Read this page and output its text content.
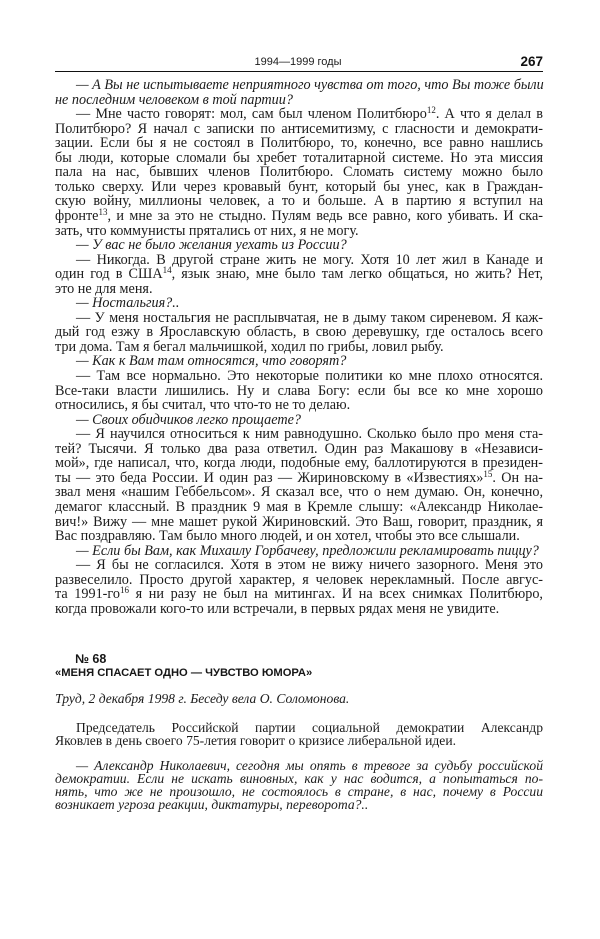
1994—1999 годы	267
— А Вы не испытываете неприятного чувства от того, что Вы тоже были
не последним человеком в той партии?
— Мне часто говорят: мол, сам был членом Политбюро$^{12}$. А что я делал в
Политбюро? Я начал с записки по антисемитизму, с гласности и демократи-
зации. Если бы я не состоял в Политбюро, то, конечно, все равно нашлись
бы люди, которые сломали бы хребет тоталитарной системе. Но эта миссия
пала на нас, бывших членов Политбюро. Сломать систему можно было
только сверху. Или через кровавый бунт, который бы унес, как в Граждан-
скую войну, миллионы человек, а то и больше. А в партию я вступил на
фронте$^{13}$, и мне за это не стыдно. Пулям ведь все равно, кого убивать. И ска-
зать, что коммунисты прятались от них, я не могу.
— У вас не было желания уехать из России?
— Никогда. В другой стране жить не могу. Хотя 10 лет жил в Канаде и
один год в США$^{14}$, язык знаю, мне было там легко общаться, но жить? Нет,
это не для меня.
— Ностальгия?..
— У меня ностальгия не расплывчатая, не в дыму таком сиреневом. Я каж-
дый год езжу в Ярославскую область, в свою деревушку, где осталось всего
три дома. Там я бегал мальчишкой, ходил по грибы, ловил рыбу.
— Как к Вам там относятся, что говорят?
— Там все нормально. Это некоторые политики ко мне плохо относятся.
Все-таки власти лишились. Ну и слава Богу: если бы все ко мне хорошо
относились, я бы считал, что что-то не то делаю.
— Своих обидчиков легко прощаете?
— Я научился относиться к ним равнодушно. Сколько было про меня ста-
тей? Тысячи. Я только два раза ответил. Один раз Макашову в «Независи-
мой», где написал, что, когда люди, подобные ему, баллотируются в президен-
ты — это беда России. И один раз — Жириновскому в «Известиях»$^{15}$. Он на-
звал меня «нашим Геббельсом». Я сказал все, что о нем думаю. Он, конечно,
демагог классный. В праздник 9 мая в Кремле слышу: «Александр Николае-
вич!» Вижу — мне машет рукой Жириновский. Это Ваш, говорит, праздник, я
Вас поздравляю. Там было много людей, и он хотел, чтобы это все слышали.
— Если бы Вам, как Михаилу Горбачеву, предложили рекламировать пиццу?
— Я бы не согласился. Хотя в этом не вижу ничего зазорного. Меня это
развеселило. Просто другой характер, я человек нерекламный. После авгус-
та $1991-го^{16}$ я ни разу не был на митингах. И на всех снимках Политбюро,
когда провожали кого-то или встречали, в первых рядах меня не увидите.
№ 68
«МЕНЯ СПАСАЕТ ОДНО — ЧУВСТВО ЮМОРА»
Труд, 2 декабря 1998 г. Беседу вела О. Соломонова.
Председатель Российской партии социальной демократии Александр
Яковлев в день своего 75-летия говорит о кризисе либеральной идеи.
— Александр Николаевич, сегодня мы опять в тревоге за судьбу российской
демократии. Если не искать виновных, как у нас водится, а попытаться по-
нять, что же не произошло, не состоялось в стране, в нас, почему в России
возникает угроза реакции, диктатуры, переворота?..
